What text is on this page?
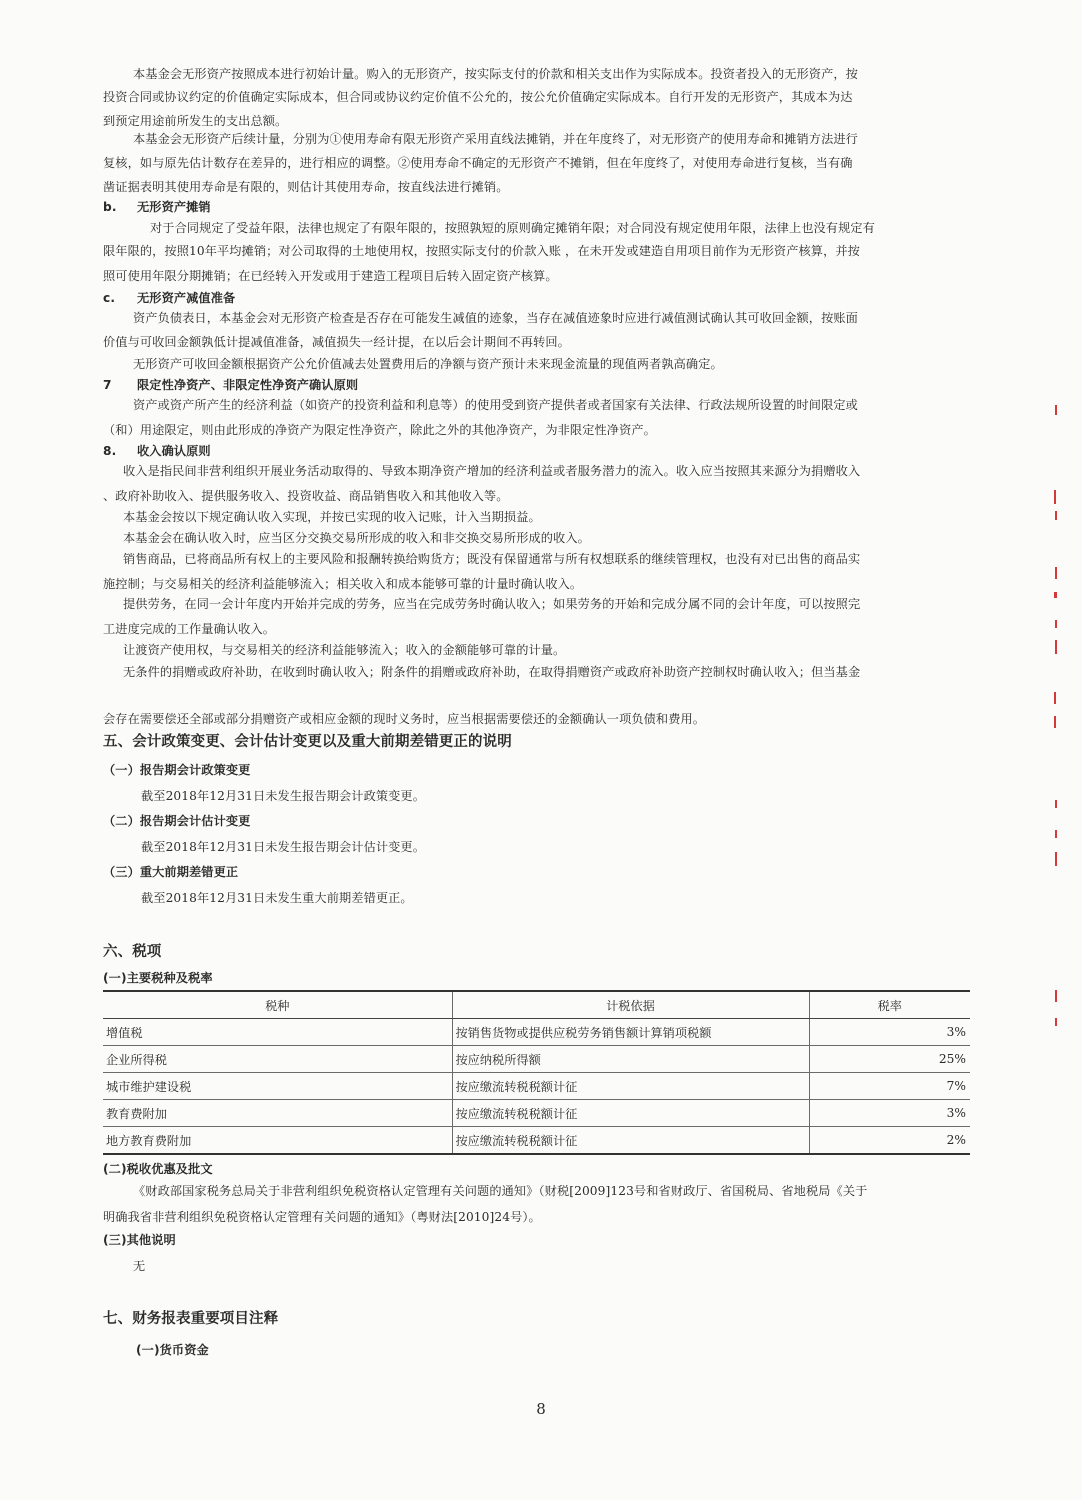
本基金会无形资产按照成本进行初始计量。购入的无形资产，按实际支付的价款和相关支出作为实际成本。投资者投入的无形资产，按
投资合同或协议约定的价值确定实际成本，但合同或协议约定价值不公允的，按公允价值确定实际成本。自行开发的无形资产，其成本为达
到预定用途前所发生的支出总额。
本基金会无形资产后续计量，分别为①使用寿命有限无形资产采用直线法摊销，并在年度终了，对无形资产的使用寿命和摊销方法进行
复核，如与原先估计数存在差异的，进行相应的调整。②使用寿命不确定的无形资产不摊销，但在年度终了，对使用寿命进行复核，当有确
凿证据表明其使用寿命是有限的，则估计其使用寿命，按直线法进行摊销。
b. 无形资产摊销
对于合同规定了受益年限，法律也规定了有限年限的，按照孰短的原则确定摊销年限；对合同没有规定使用年限，法律上也没有规定有
限年限的，按照10年平均摊销；对公司取得的土地使用权，按照实际支付的价款入账 ，在未开发或建造自用项目前作为无形资产核算，并按
照可使用年限分期摊销；在已经转入开发或用于建造工程项目后转入固定资产核算。
c. 无形资产减值准备
资产负债表日，本基金会对无形资产检查是否存在可能发生减值的迹象，当存在减值迹象时应进行减值测试确认其可收回金额，按账面
价值与可收回金额孰低计提减值准备，减值损失一经计提，在以后会计期间不再转回。
无形资产可收回金额根据资产公允价值减去处置费用后的净额与资产预计未来现金流量的现值两者孰高确定。
7 限定性净资产、非限定性净资产确认原则
资产或资产所产生的经济利益（如资产的投资利益和利息等）的使用受到资产提供者或者国家有关法律、行政法规所设置的时间限定或
（和）用途限定，则由此形成的净资产为限定性净资产，除此之外的其他净资产，为非限定性净资产。
8. 收入确认原则
收入是指民间非营利组织开展业务活动取得的、导致本期净资产增加的经济利益或者服务潜力的流入。收入应当按照其来源分为捐赠收入
、政府补助收入、提供服务收入、投资收益、商品销售收入和其他收入等。
本基金会按以下规定确认收入实现，并按已实现的收入记账，计入当期损益。
本基金会在确认收入时，应当区分交换交易所形成的收入和非交换交易所形成的收入。
销售商品，已将商品所有权上的主要风险和报酬转换给购货方；既没有保留通常与所有权想联系的继续管理权，也没有对已出售的商品实
施控制；与交易相关的经济利益能够流入；相关收入和成本能够可靠的计量时确认收入。
提供劳务，在同一会计年度内开始并完成的劳务，应当在完成劳务时确认收入；如果劳务的开始和完成分属不同的会计年度，可以按照完
工进度完成的工作量确认收入。
让渡资产使用权，与交易相关的经济利益能够流入；收入的金额能够可靠的计量。
无条件的捐赠或政府补助，在收到时确认收入；附条件的捐赠或政府补助，在取得捐赠资产或政府补助资产控制权时确认收入；但当基金
会存在需要偿还全部或部分捐赠资产或相应金额的现时义务时，应当根据需要偿还的金额确认一项负债和费用。
五、会计政策变更、会计估计变更以及重大前期差错更正的说明
（一）报告期会计政策变更
截至2018年12月31日未发生报告期会计政策变更。
（二）报告期会计估计变更
截至2018年12月31日未发生报告期会计估计变更。
（三）重大前期差错更正
截至2018年12月31日未发生重大前期差错更正。
六、税项
(一)主要税种及税率
税种	计税依据	税率
增值税	按销售货物或提供应税劳务销售额计算销项税额	3%
企业所得税	按应纳税所得额	25%
城市维护建设税	按应缴流转税税额计征	7%
教育费附加	按应缴流转税税额计征	3%
地方教育费附加	按应缴流转税税额计征	2%
(二)税收优惠及批文
《财政部国家税务总局关于非营利组织免税资格认定管理有关问题的通知》（财税[2009]123号和省财政厅、省国税局、省地税局《关于
明确我省非营利组织免税资格认定管理有关问题的通知》（粤财法[2010]24号）。
(三)其他说明
无
七、财务报表重要项目注释
(一)货币资金
8
